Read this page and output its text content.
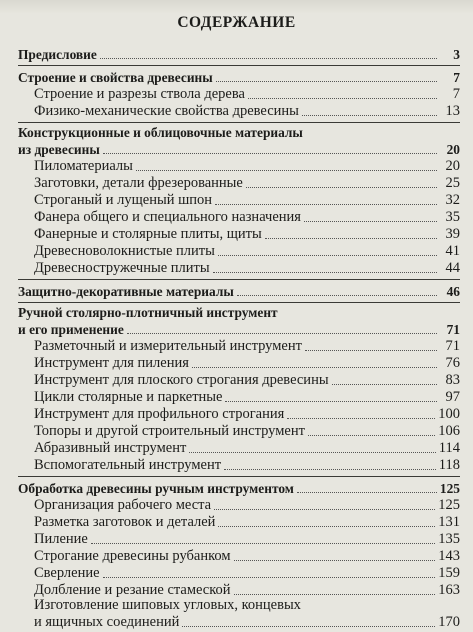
СОДЕРЖАНИЕ
Предисловие	3
Строение и свойства древесины	7
Строение и разрезы ствола дерева	7
Физико-механические свойства древесины	13
Конструкционные и облицовочные материалы
из древесины	20
Пиломатериалы	20
Заготовки, детали фрезерованные	25
Строганый и лущеный шпон	32
Фанера общего и специального назначения	35
Фанерные и столярные плиты, щиты	39
Древесноволокнистые плиты	41
Древесностружечные плиты	44
Защитно-декоративные материалы	46
Ручной столярно-плотничный инструмент
и его применение	71
Разметочный и измерительный инструмент	71
Инструмент для пиления	76
Инструмент для плоского строгания древесины	83
Цикли столярные и паркетные	97
Инструмент для профильного строгания	100
Топоры и другой строительный инструмент	106
Абразивный инструмент	114
Вспомогательный инструмент	118
Обработка древесины ручным инструментом	125
Организация рабочего места	125
Разметка заготовок и деталей	131
Пиление	135
Строгание древесины рубанком	143
Сверление	159
Долбление и резание стамеской	163
Изготовление шиповых угловых, концевых
и ящичных соединений	170
